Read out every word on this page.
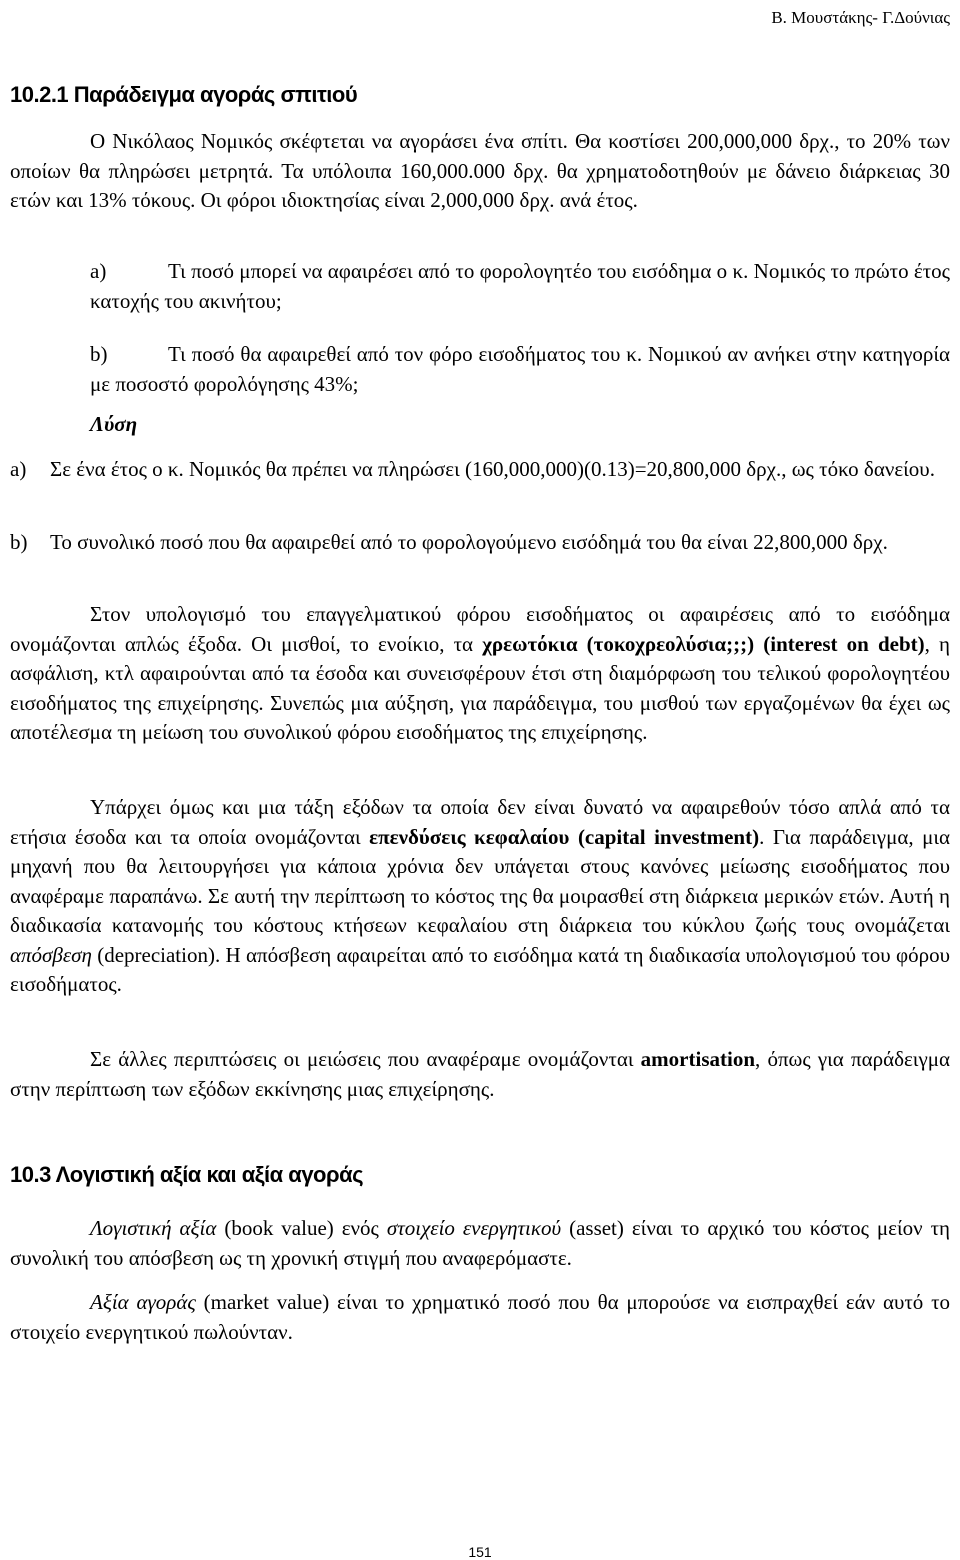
Β. Μουστάκης- Γ.Δούνιας
10.2.1 Παράδειγμα αγοράς σπιτιού

Ο Νικόλαος Νομικός σκέφτεται να αγοράσει ένα σπίτι. Θα κοστίσει 200,000,000 δρχ., το 20% των οποίων θα πληρώσει μετρητά. Τα υπόλοιπα 160,000.000 δρχ. θα χρηματοδοτηθούν με δάνειο διάρκειας 30 ετών και 13% τόκους. Οι φόροι ιδιοκτησίας είναι 2,000,000 δρχ. ανά έτος.

a)	Τι ποσό μπορεί να αφαιρέσει από το φορολογητέο του εισόδημα ο κ. Νομικός το πρώτο έτος κατοχής του ακινήτου;
b)	Τι ποσό θα αφαιρεθεί από τον φόρο εισοδήματος του κ. Νομικού αν ανήκει στην κατηγορία με ποσοστό φορολόγησης 43%;
Λύση
a) Σε ένα έτος ο κ. Νομικός θα πρέπει να πληρώσει (160,000,000)(0.13)=20,800,000 δρχ., ως τόκο δανείου.
b) Το συνολικό ποσό που θα αφαιρεθεί από το φορολογούμενο εισόδημά του θα είναι 22,800,000 δρχ.

Στον υπολογισμό του επαγγελματικού φόρου εισοδήματος οι αφαιρέσεις από το εισόδημα ονομάζονται απλώς έξοδα. Οι μισθοί, το ενοίκιο, τα χρεωτόκια (τοκοχρεολύσια;;;) (interest on debt), η ασφάλιση, κτλ αφαιρούνται από τα έσοδα και συνεισφέρουν έτσι στη διαμόρφωση του τελικού φορολογητέου εισοδήματος της επιχείρησης. Συνεπώς μια αύξηση, για παράδειγμα, του μισθού των εργαζομένων θα έχει ως αποτέλεσμα τη μείωση του συνολικού φόρου εισοδήματος της επιχείρησης.

Υπάρχει όμως και μια τάξη εξόδων τα οποία δεν είναι δυνατό να αφαιρεθούν τόσο απλά από τα ετήσια έσοδα και τα οποία ονομάζονται επενδύσεις κεφαλαίου (capital investment). Για παράδειγμα, μια μηχανή που θα λειτουργήσει για κάποια χρόνια δεν υπάγεται στους κανόνες μείωσης εισοδήματος που αναφέραμε παραπάνω. Σε αυτή την περίπτωση το κόστος της θα μοιρασθεί στη διάρκεια μερικών ετών. Αυτή η διαδικασία κατανομής του κόστους κτήσεων κεφαλαίου στη διάρκεια του κύκλου ζωής τους ονομάζεται απόσβεση (depreciation). Η απόσβεση αφαιρείται από το εισόδημα κατά τη διαδικασία υπολογισμού του φόρου εισοδήματος.

Σε άλλες περιπτώσεις οι μειώσεις που αναφέραμε ονομάζονται amortisation, όπως για παράδειγμα στην περίπτωση των εξόδων εκκίνησης μιας επιχείρησης.

10.3 Λογιστική αξία και αξία αγοράς

Λογιστική αξία (book value) ενός στοιχείο ενεργητικού (asset) είναι το αρχικό του κόστος μείον τη συνολική του απόσβεση ως τη χρονική στιγμή που αναφερόμαστε.

Αξία αγοράς (market value) είναι το χρηματικό ποσό που θα μπορούσε να εισπραχθεί εάν αυτό το στοιχείο ενεργητικού πωλούνταν.

151
